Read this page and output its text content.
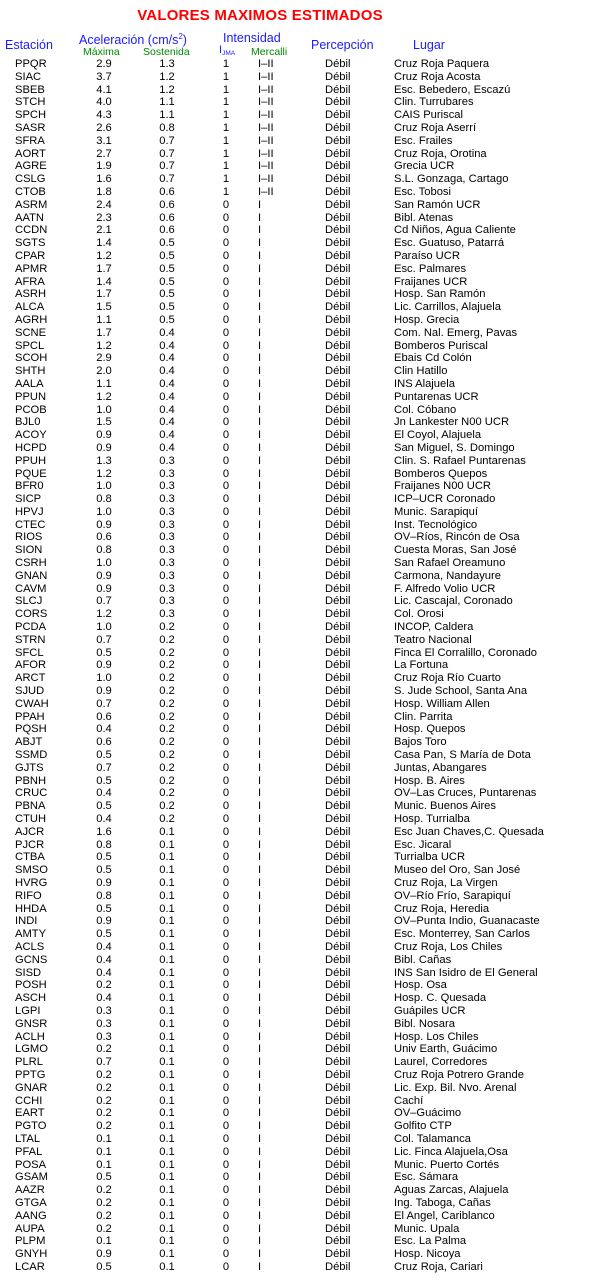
VALORES MAXIMOS ESTIMADOS
Estación Aceleración $(cm/s^2)$	Intensidad Percepción	Lugar
Máxima Sostenida	$I_{JMA}$ Mercalli
PPQR	2.9	1.3	1	I–II	Débil	Cruz Roja Paquera
SIAC	3.7	1.2	1	I–II	Débil	Cruz Roja Acosta
SBEB	4.1	1.2	1	I–II	Débil	Esc. Bebedero, Escazú
STCH	4.0	1.1	1	I–II	Débil	Clin. Turrubares
SPCH	4.3	1.1	1	I–II	Débil	CAIS Puriscal
SASR	2.6	0.8	1	I–II	Débil	Cruz Roja Aserrí
SFRA	3.1	0.7	1	I–II	Débil	Esc. Frailes
AORT	2.7	0.7	1	I–II	Débil	Cruz Roja, Orotina
AGRE	1.9	0.7	1	I–II	Débil	Grecia UCR
CSLG	1.6	0.7	1	I–II	Débil	S.L. Gonzaga, Cartago
CTOB	1.8	0.6	1	I–II	Débil	Esc. Tobosi
ASRM	2.4	0.6	0	I	Débil	San Ramón UCR
AATN	2.3	0.6	0	I	Débil	Bibl. Atenas
CCDN	2.1	0.6	0	I	Débil	Cd Niños, Agua Caliente
SGTS	1.4	0.5	0	I	Débil	Esc. Guatuso, Patarrá
CPAR	1.2	0.5	0	I	Débil	Paraíso UCR
APMR	1.7	0.5	0	I	Débil	Esc. Palmares
AFRA	1.4	0.5	0	I	Débil	Fraijanes UCR
ASRH	1.7	0.5	0	I	Débil	Hosp. San Ramón
ALCA	1.5	0.5	0	I	Débil	Lic. Carrillos, Alajuela
AGRH	1.1	0.5	0	I	Débil	Hosp. Grecia
SCNE	1.7	0.4	0	I	Débil	Com. Nal. Emerg, Pavas
SPCL	1.2	0.4	0	I	Débil	Bomberos Puriscal
SCOH	2.9	0.4	0	I	Débil	Ebais Cd Colón
SHTH	2.0	0.4	0	I	Débil	Clin Hatillo
AALA	1.1	0.4	0	I	Débil	INS Alajuela
PPUN	1.2	0.4	0	I	Débil	Puntarenas UCR
PCOB	1.0	0.4	0	I	Débil	Col. Cóbano
BJL0	1.5	0.4	0	I	Débil	Jn Lankester N00 UCR
ACOY	0.9	0.4	0	I	Débil	El Coyol, Alajuela
HCPD	0.9	0.4	0	I	Débil	San Miguel, S. Domingo
PPUH	1.3	0.3	0	I	Débil	Clin. S. Rafael Puntarenas
PQUE	1.2	0.3	0	I	Débil	Bomberos Quepos
BFR0	1.0	0.3	0	I	Débil	Fraijanes N00 UCR
SICP	0.8	0.3	0	I	Débil	ICP–UCR Coronado
HPVJ	1.0	0.3	0	I	Débil	Munic. Sarapiquí
CTEC	0.9	0.3	0	I	Débil	Inst. Tecnológico
RIOS	0.6	0.3	0	I	Débil	OV–Ríos, Rincón de Osa
SION	0.8	0.3	0	I	Débil	Cuesta Moras, San José
CSRH	1.0	0.3	0	I	Débil	San Rafael Oreamuno
GNAN	0.9	0.3	0	I	Débil	Carmona, Nandayure
CAVM	0.9	0.3	0	I	Débil	F. Alfredo Volio UCR
SLCJ	0.7	0.3	0	I	Débil	Lic. Cascajal, Coronado
CORS	1.2	0.3	0	I	Débil	Col. Orosi
PCDA	1.0	0.2	0	I	Débil	INCOP, Caldera
STRN	0.7	0.2	0	I	Débil	Teatro Nacional
SFCL	0.5	0.2	0	I	Débil	Finca El Corralillo, Coronado
AFOR	0.9	0.2	0	I	Débil	La Fortuna
ARCT	1.0	0.2	0	I	Débil	Cruz Roja Río Cuarto
SJUD	0.9	0.2	0	I	Débil	S. Jude School, Santa Ana
CWAH	0.7	0.2	0	I	Débil	Hosp. William Allen
PPAH	0.6	0.2	0	I	Débil	Clin. Parrita
PQSH	0.4	0.2	0	I	Débil	Hosp. Quepos
ABJT	0.6	0.2	0	I	Débil	Bajos Toro
SSMD	0.5	0.2	0	I	Débil	Casa Pan, S María de Dota
GJTS	0.7	0.2	0	I	Débil	Juntas, Abangares
PBNH	0.5	0.2	0	I	Débil	Hosp. B. Aires
CRUC	0.4	0.2	0	I	Débil	OV–Las Cruces, Puntarenas
PBNA	0.5	0.2	0	I	Débil	Munic. Buenos Aires
CTUH	0.4	0.2	0	I	Débil	Hosp. Turrialba
AJCR	1.6	0.1	0	I	Débil	Esc Juan Chaves,C. Quesada
PJCR	0.8	0.1	0	I	Débil	Esc. Jicaral
CTBA	0.5	0.1	0	I	Débil	Turrialba UCR
SMSO	0.5	0.1	0	I	Débil	Museo del Oro, San José
HVRG	0.9	0.1	0	I	Débil	Cruz Roja, La Virgen
RIFO	0.8	0.1	0	I	Débil	OV–Río Frío, Sarapiquí
HHDA	0.5	0.1	0	I	Débil	Cruz Roja, Heredia
INDI	0.9	0.1	0	I	Débil	OV–Punta Indio, Guanacaste
AMTY	0.5	0.1	0	I	Débil	Esc. Monterrey, San Carlos
ACLS	0.4	0.1	0	I	Débil	Cruz Roja, Los Chiles
GCNS	0.4	0.1	0	I	Débil	Bibl. Cañas
SISD	0.4	0.1	0	I	Débil	INS San Isidro de El General
POSH	0.2	0.1	0	I	Débil	Hosp. Osa
ASCH	0.4	0.1	0	I	Débil	Hosp. C. Quesada
LGPI	0.3	0.1	0	I	Débil	Guápiles UCR
GNSR	0.3	0.1	0	I	Débil	Bibl. Nosara
ACLH	0.3	0.1	0	I	Débil	Hosp. Los Chiles
LGMO	0.2	0.1	0	I	Débil	Univ Earth, Guácimo
PLRL	0.7	0.1	0	I	Débil	Laurel, Corredores
PPTG	0.2	0.1	0	I	Débil	Cruz Roja Potrero Grande
GNAR	0.2	0.1	0	I	Débil	Lic. Exp. Bil. Nvo. Arenal
CCHI	0.2	0.1	0	I	Débil	Cachí
EART	0.2	0.1	0	I	Débil	OV–Guácimo
PGTO	0.2	0.1	0	I	Débil	Golfito CTP
LTAL	0.1	0.1	0	I	Débil	Col. Talamanca
PFAL	0.1	0.1	0	I	Débil	Lic. Finca Alajuela,Osa
POSA	0.1	0.1	0	I	Débil	Munic. Puerto Cortés
GSAM	0.5	0.1	0	I	Débil	Esc. Sámara
AAZR	0.2	0.1	0	I	Débil	Aguas Zarcas, Alajuela
GTGA	0.2	0.1	0	I	Débil	Ing. Taboga, Cañas
AANG	0.2	0.1	0	I	Débil	El Angel, Cariblanco
AUPA	0.2	0.1	0	I	Débil	Munic. Upala
PLPM	0.1	0.1	0	I	Débil	Esc. La Palma
GNYH	0.9	0.1	0	I	Débil	Hosp. Nicoya
LCAR	0.5	0.1	0	I	Débil	Cruz Roja, Cariari
